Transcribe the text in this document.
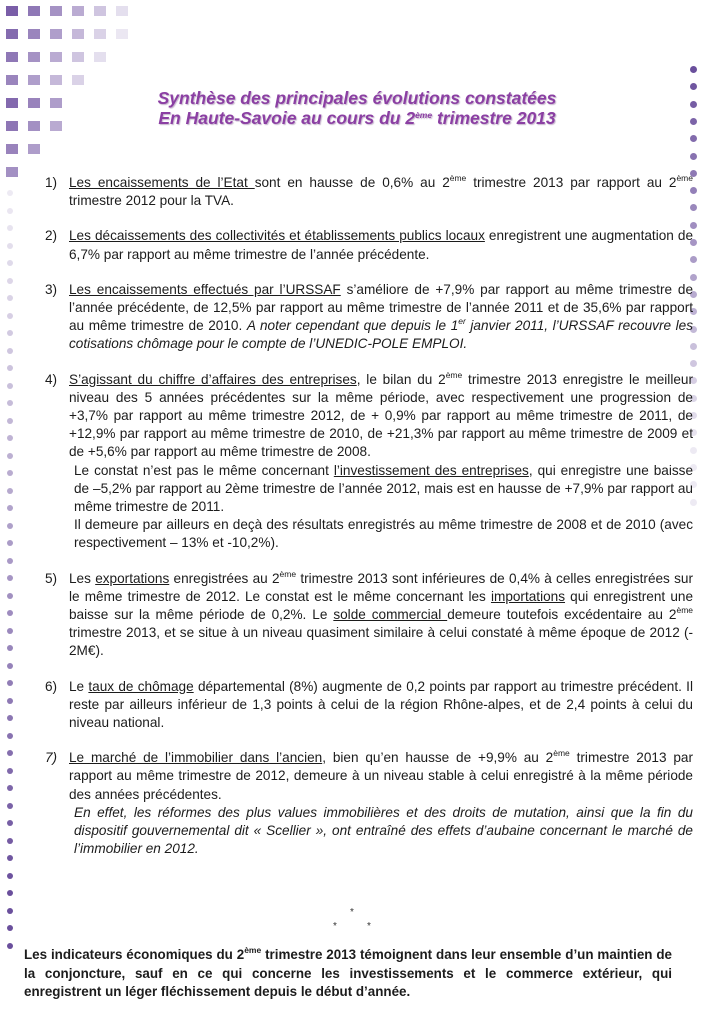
Synthèse des principales évolutions constatées
En Haute-Savoie au cours du 2ème trimestre 2013
1) Les encaissements de l’Etat sont en hausse de 0,6% au 2ème trimestre 2013 par rapport au 2ème trimestre 2012 pour la TVA.
2) Les décaissements des collectivités et établissements publics locaux enregistrent une augmentation de 6,7% par rapport au même trimestre de l’année précédente.
3) Les encaissements effectués par l’URSSAF s’améliore de +7,9% par rapport au même trimestre de l’année précédente, de 12,5% par rapport au même trimestre de l’année 2011 et de 35,6% par rapport au même trimestre de 2010. A noter cependant que depuis le 1er janvier 2011, l’URSSAF recouvre les cotisations chômage pour le compte de l’UNEDIC-POLE EMPLOI.
4) S’agissant du chiffre d’affaires des entreprises, le bilan du 2ème trimestre 2013 enregistre le meilleur niveau des 5 années précédentes sur la même période, avec respectivement une progression de +3,7% par rapport au même trimestre 2012, de + 0,9% par rapport au même trimestre de 2011, de +12,9% par rapport au même trimestre de 2010, de +21,3% par rapport au même trimestre de 2009 et de +5,6% par rapport au même trimestre de 2008.
Le constat n’est pas le même concernant l’investissement des entreprises, qui enregistre une baisse de –5,2% par rapport au 2ème trimestre de l’année 2012, mais est en hausse de +7,9% par rapport au même trimestre de 2011.
Il demeure par ailleurs en deçà des résultats enregistrés au même trimestre de 2008 et de 2010 (avec respectivement – 13% et -10,2%).
5) Les exportations enregistrées au 2ème trimestre 2013 sont inférieures de 0,4% à celles enregistrées sur le même trimestre de 2012. Le constat est le même concernant les importations qui enregistrent une baisse sur la même période de 0,2%. Le solde commercial demeure toutefois excédentaire au 2ème trimestre 2013, et se situe à un niveau quasiment similaire à celui constaté à même époque de 2012 (- 2M€).
6) Le taux de chômage départemental (8%) augmente de 0,2 points par rapport au trimestre précédent. Il reste par ailleurs inférieur de 1,3 points à celui de la région Rhône-alpes, et de 2,4 points à celui du niveau national.
7) Le marché de l’immobilier dans l’ancien, bien qu’en hausse de +9,9% au 2ème trimestre 2013 par rapport au même trimestre de 2012, demeure à un niveau stable à celui enregistré à la même période des années précédentes.
En effet, les réformes des plus values immobilières et des droits de mutation, ainsi que la fin du dispositif gouvernemental dit « Scellier », ont entraîné des effets d’aubaine concernant le marché de l’immobilier en 2012.
*
*	*
Les indicateurs économiques du 2ème trimestre 2013 témoignent dans leur ensemble d’un maintien de la conjoncture, sauf en ce qui concerne les investissements et le commerce extérieur, qui enregistrent un léger fléchissement depuis le début d’année.
